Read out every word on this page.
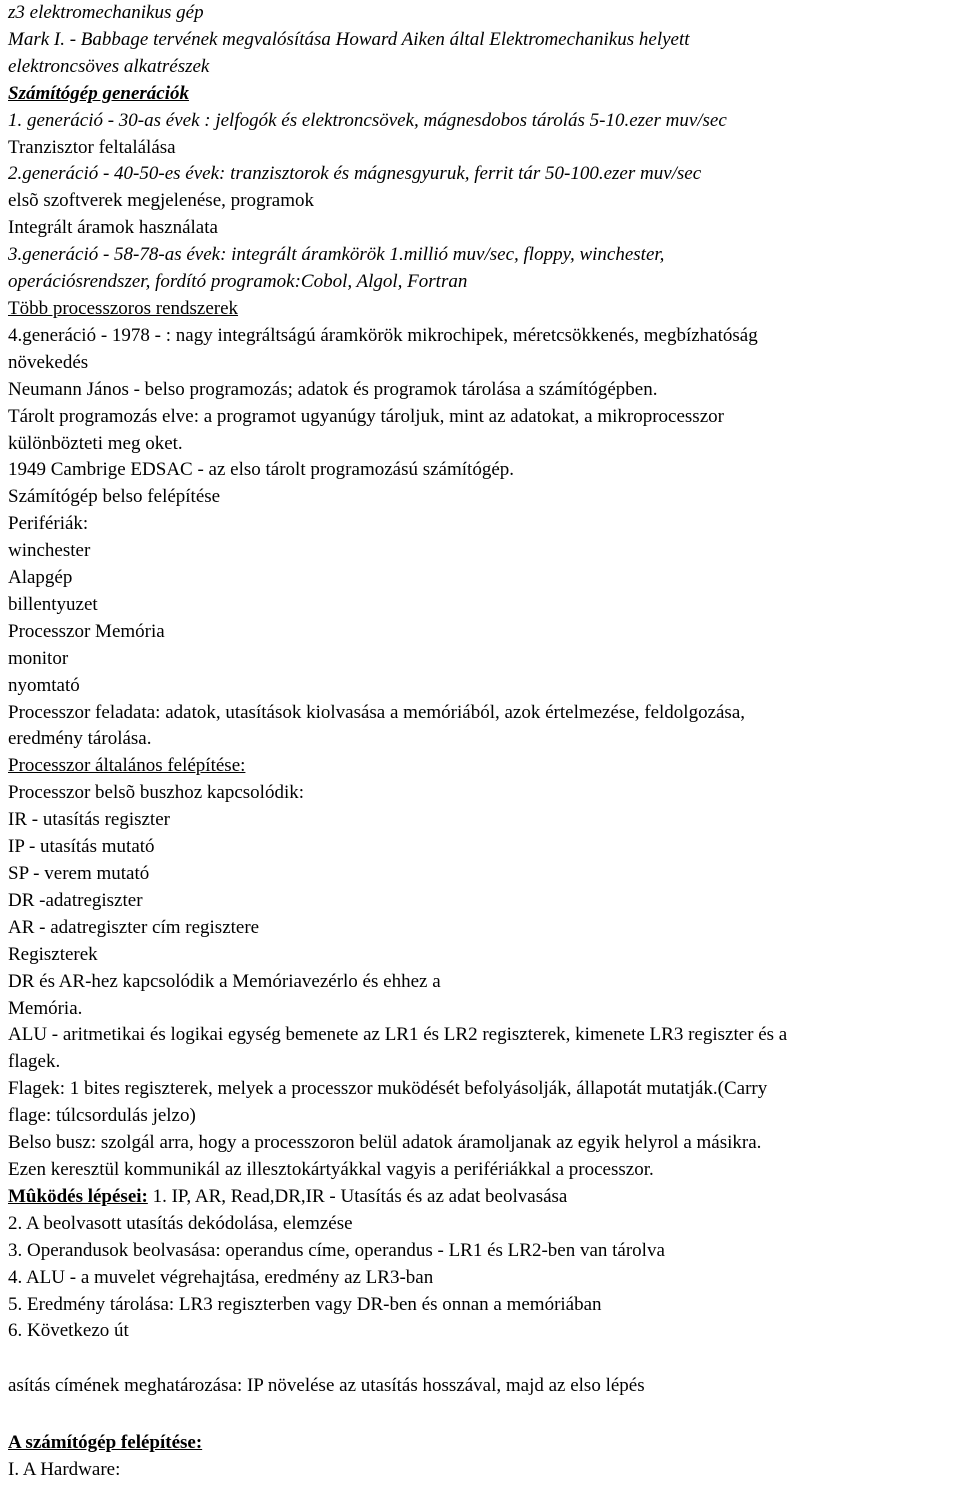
z3 elektromechanikus gép
Mark I. - Babbage tervének megvalósítása Howard Aiken által Elektromechanikus helyett
elektroncsöves alkatrészek
Számítógép generációk
1. generáció - 30-as évek : jelfogók és elektroncsövek, mágnesdobos tárolás 5-10.ezer muv/sec
Tranzisztor feltalálása
2.generáció - 40-50-es évek: tranzisztorok és mágnesgyuruk, ferrit tár 50-100.ezer muv/sec
elsõ szoftverek megjelenése, programok
Integrált áramok használata
3.generáció - 58-78-as évek: integrált áramkörök 1.millió muv/sec, floppy, winchester,
operációsrendszer, fordító programok:Cobol, Algol, Fortran
Több processzoros rendszerek
4.generáció - 1978 - : nagy integráltságú áramkörök mikrochipek, méretcsökkenés, megbízhatóság
növekedés
Neumann János - belso programozás; adatok és programok tárolása a számítógépben.
Tárolt programozás elve: a programot ugyanúgy tároljuk, mint az adatokat, a mikroprocesszor
különbözteti meg oket.
1949 Cambrige EDSAC - az elso tárolt programozású számítógép.
Számítógép belso felépítése
Perifériák:
winchester
Alapgép
billentyuzet
Processzor Memória
monitor
nyomtató
Processzor feladata: adatok, utasítások kiolvasása a memóriából, azok értelmezése, feldolgozása,
eredmény tárolása.
Processzor általános felépítése:
Processzor belsõ buszhoz kapcsolódik:
IR - utasítás regiszter
IP - utasítás mutató
SP - verem mutató
DR -adatregiszter
AR - adatregiszter cím regisztere
Regiszterek
DR és AR-hez kapcsolódik a Memóriavezérlo és ehhez a
Memória.
ALU - aritmetikai és logikai egység bemenete az LR1 és LR2 regiszterek, kimenete LR3 regiszter és a
flagek.
Flagek: 1 bites regiszterek, melyek a processzor muködését befolyásolják, állapotát mutatják.(Carry
flage: túlcsordulás jelzo)
Belso busz: szolgál arra, hogy a processzoron belül adatok áramoljanak az egyik helyrol a másikra.
Ezen keresztül kommunikál az illesztokártyákkal vagyis a perifériákkal a processzor.
Mûködés lépései: 1. IP, AR, Read,DR,IR - Utasítás és az adat beolvasása
2. A beolvasott utasítás dekódolása, elemzése
3. Operandusok beolvasása: operandus címe, operandus - LR1 és LR2-ben van tárolva
4. ALU - a muvelet végrehajtása, eredmény az LR3-ban
5. Eredmény tárolása: LR3 regiszterben vagy DR-ben és onnan a memóriában
6. Következo út
asítás címének meghatározása: IP növelése az utasítás hosszával, majd az elso lépés
A számítógép felépítése:
I. A Hardware:
